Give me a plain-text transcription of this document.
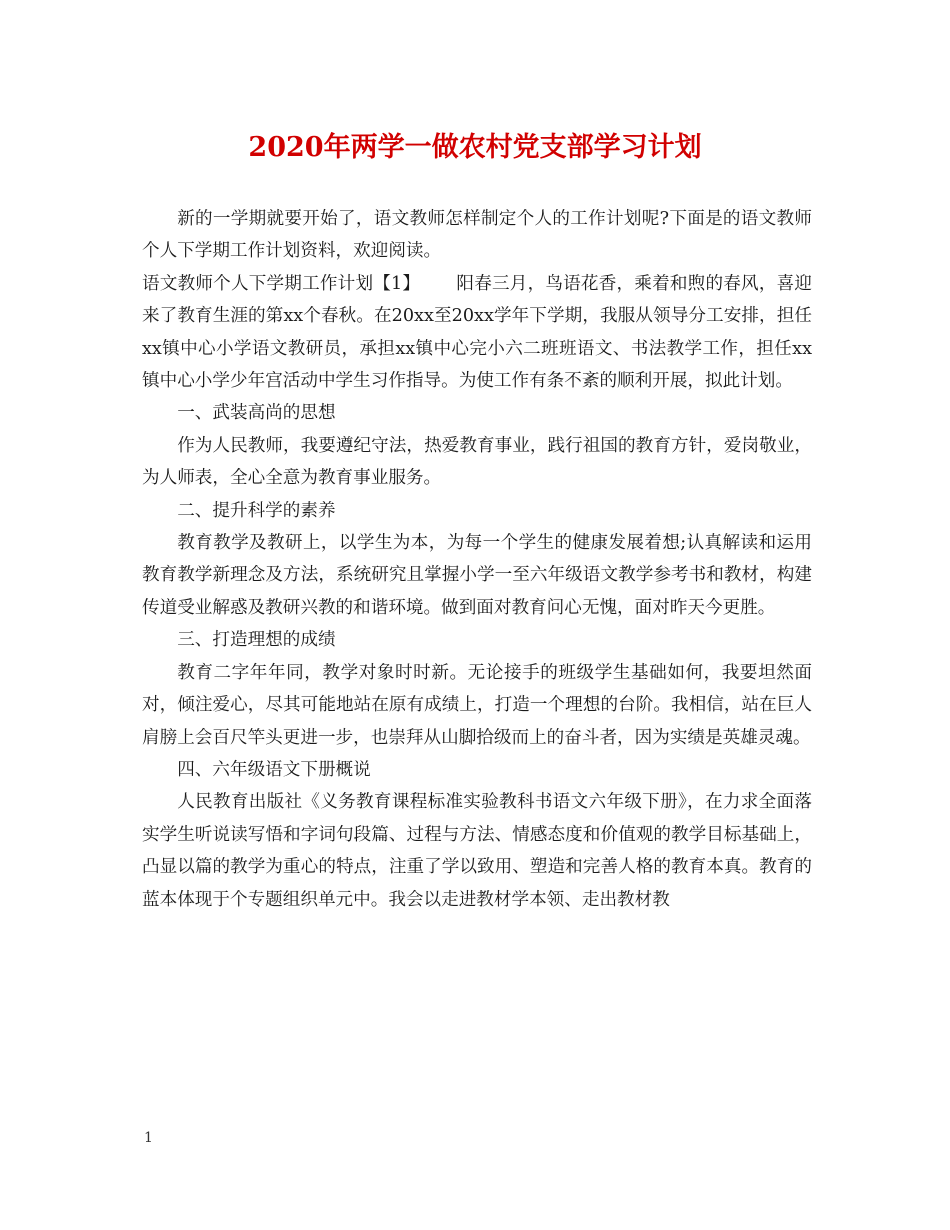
2020年两学一做农村党支部学习计划

新的一学期就要开始了，语文教师怎样制定个人的工作计划呢?下面是的语文教师个人下学期工作计划资料，欢迎阅读。

语文教师个人下学期工作计划【1】 阳春三月，鸟语花香，乘着和煦的春风，喜迎来了教育生涯的第xx个春秋。在20xx至20xx学年下学期，我服从领导分工安排，担任xx镇中心小学语文教研员，承担xx镇中心完小六二班班语文、书法教学工作，担任xx镇中心小学少年宫活动中学生习作指导。为使工作有条不紊的顺利开展，拟此计划。

一、武装高尚的思想

作为人民教师，我要遵纪守法，热爱教育事业，践行祖国的教育方针，爱岗敬业，为人师表，全心全意为教育事业服务。

二、提升科学的素养

教育教学及教研上，以学生为本，为每一个学生的健康发展着想;认真解读和运用教育教学新理念及方法，系统研究且掌握小学一至六年级语文教学参考书和教材，构建传道受业解惑及教研兴教的和谐环境。做到面对教育问心无愧，面对昨天今更胜。

三、打造理想的成绩

教育二字年年同，教学对象时时新。无论接手的班级学生基础如何，我要坦然面对，倾注爱心，尽其可能地站在原有成绩上，打造一个理想的台阶。我相信，站在巨人肩膀上会百尺竿头更进一步，也崇拜从山脚拾级而上的奋斗者，因为实绩是英雄灵魂。

四、六年级语文下册概说

人民教育出版社《义务教育课程标准实验教科书语文六年级下册》，在力求全面落实学生听说读写悟和字词句段篇、过程与方法、情感态度和价值观的教学目标基础上，凸显以篇的教学为重心的特点，注重了学以致用、塑造和完善人格的教育本真。教育的蓝本体现于个专题组织单元中。我会以走进教材学本领、走出教材教

1
